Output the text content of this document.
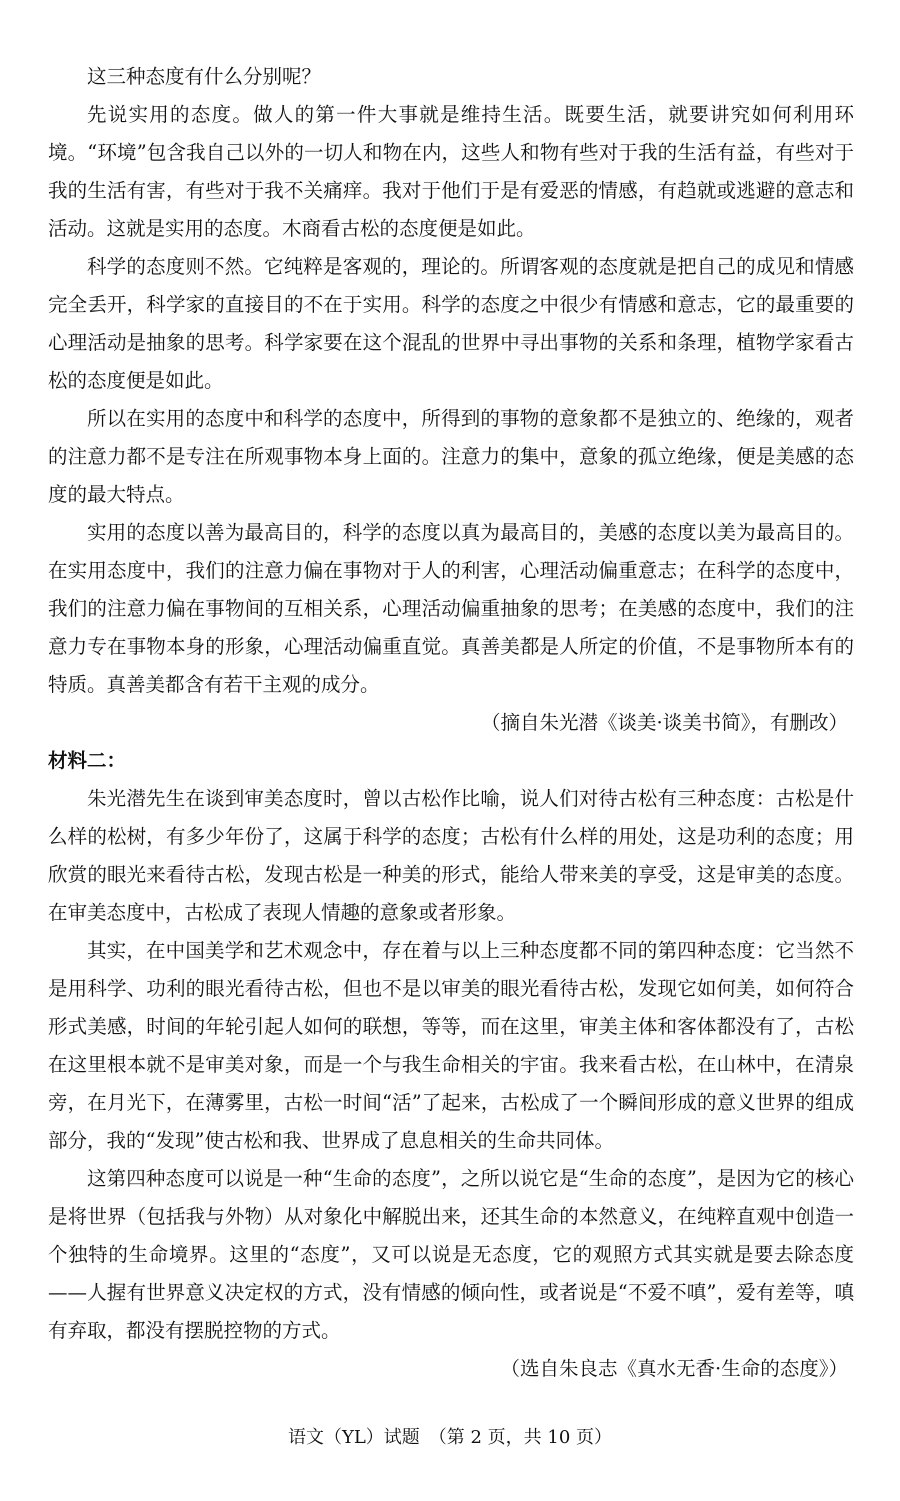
这三种态度有什么分别呢？

先说实用的态度。做人的第一件大事就是维持生活。既要生活，就要讲究如何利用环境。“环境”包含我自己以外的一切人和物在内，这些人和物有些对于我的生活有益，有些对于我的生活有害，有些对于我不关痛痒。我对于他们于是有爱恶的情感，有趋就或逃避的意志和活动。这就是实用的态度。木商看古松的态度便是如此。

科学的态度则不然。它纯粹是客观的，理论的。所谓客观的态度就是把自己的成见和情感完全丢开，科学家的直接目的不在于实用。科学的态度之中很少有情感和意志，它的最重要的心理活动是抽象的思考。科学家要在这个混乱的世界中寻出事物的关系和条理，植物学家看古松的态度便是如此。

所以在实用的态度中和科学的态度中，所得到的事物的意象都不是独立的、绝缘的，观者的注意力都不是专注在所观事物本身上面的。注意力的集中，意象的孤立绝缘，便是美感的态度的最大特点。

实用的态度以善为最高目的，科学的态度以真为最高目的，美感的态度以美为最高目的。在实用态度中，我们的注意力偏在事物对于人的利害，心理活动偏重意志；在科学的态度中，我们的注意力偏在事物间的互相关系，心理活动偏重抽象的思考；在美感的态度中，我们的注意力专在事物本身的形象，心理活动偏重直觉。真善美都是人所定的价值，不是事物所本有的特质。真善美都含有若干主观的成分。

（摘自朱光潜《谈美·谈美书简》，有删改）
材料二：

朱光潜先生在谈到审美态度时，曾以古松作比喻，说人们对待古松有三种态度：古松是什么样的松树，有多少年份了，这属于科学的态度；古松有什么样的用处，这是功利的态度；用欣赏的眼光来看待古松，发现古松是一种美的形式，能给人带来美的享受，这是审美的态度。在审美态度中，古松成了表现人情趣的意象或者形象。

其实，在中国美学和艺术观念中，存在着与以上三种态度都不同的第四种态度：它当然不是用科学、功利的眼光看待古松，但也不是以审美的眼光看待古松，发现它如何美，如何符合形式美感，时间的年轮引起人如何的联想，等等，而在这里，审美主体和客体都没有了，古松在这里根本就不是审美对象，而是一个与我生命相关的宇宙。我来看古松，在山林中，在清泉旁，在月光下，在薄雾里，古松一时间“活”了起来，古松成了一个瞬间形成的意义世界的组成部分，我的“发现”使古松和我、世界成了息息相关的生命共同体。

这第四种态度可以说是一种“生命的态度”，之所以说它是“生命的态度”，是因为它的核心是将世界（包括我与外物）从对象化中解脱出来，还其生命的本然意义，在纯粹直观中创造一个独特的生命境界。这里的“态度”，又可以说是无态度，它的观照方式其实就是要去除态度——人握有世界意义决定权的方式，没有情感的倾向性，或者说是“不爱不嗔”，爱有差等，嗔有弃取，都没有摆脱控物的方式。

（选自朱良志《真水无香·生命的态度》）
语文（YL）试题　（第 2 页，共 10 页）
